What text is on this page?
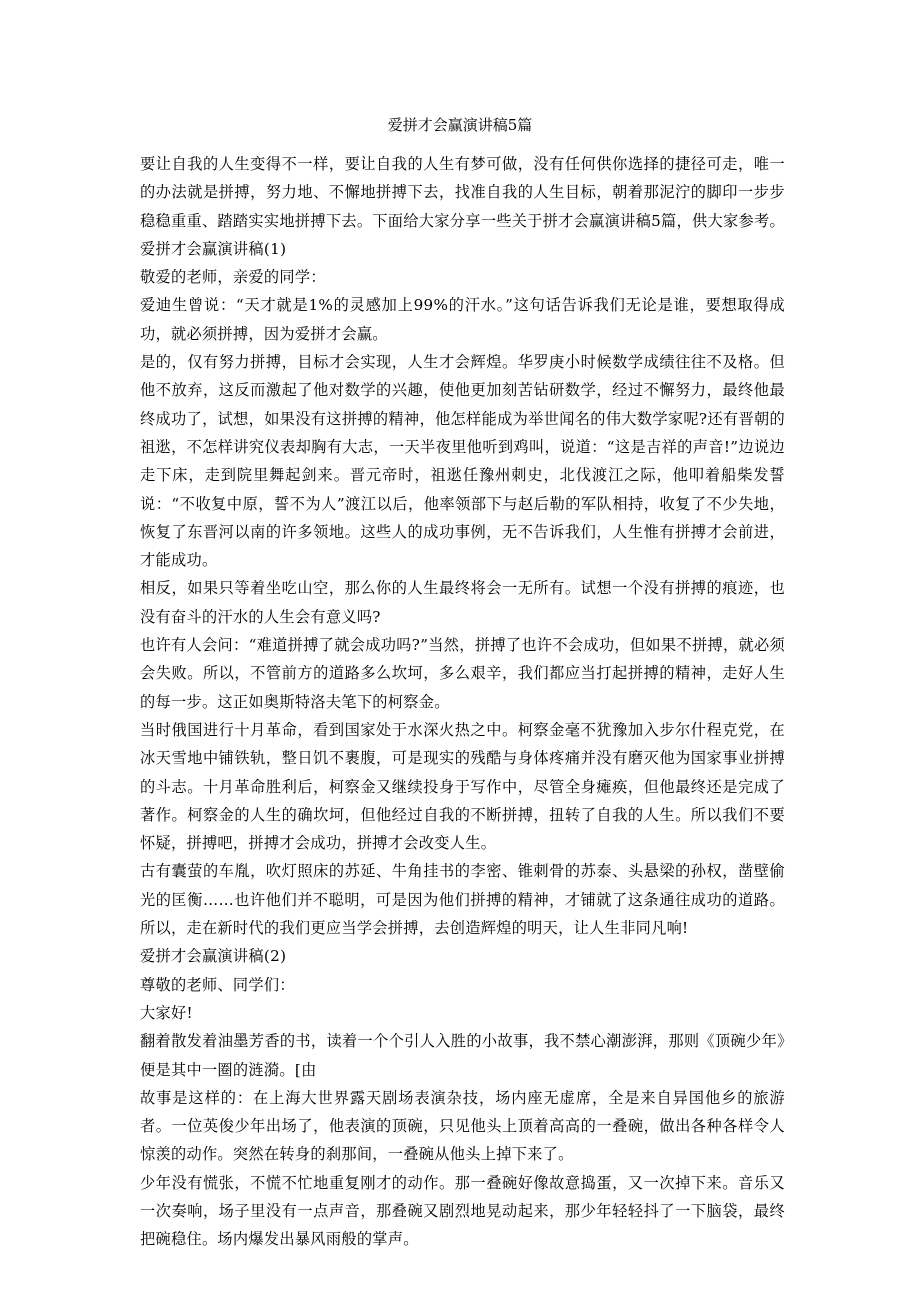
爱拼才会赢演讲稿5篇

要让自我的人生变得不一样，要让自我的人生有梦可做，没有任何供你选择的捷径可走，唯一的办法就是拼搏，努力地、不懈地拼搏下去，找准自我的人生目标，朝着那泥泞的脚印一步步稳稳重重、踏踏实实地拼搏下去。下面给大家分享一些关于拼才会赢演讲稿5篇，供大家参考。

爱拼才会赢演讲稿(1)

敬爱的老师，亲爱的同学：

爱迪生曾说：“天才就是1%的灵感加上99%的汗水。”这句话告诉我们无论是谁，要想取得成功，就必须拼搏，因为爱拼才会赢。

是的，仅有努力拼搏，目标才会实现，人生才会辉煌。华罗庚小时候数学成绩往往不及格。但他不放弃，这反而激起了他对数学的兴趣，使他更加刻苦钻研数学，经过不懈努力，最终他最终成功了，试想，如果没有这拼搏的精神，他怎样能成为举世闻名的伟大数学家呢?还有晋朝的祖逖，不怎样讲究仪表却胸有大志，一天半夜里他听到鸡叫，说道：“这是吉祥的声音!”边说边走下床，走到院里舞起剑来。晋元帝时，祖逖任豫州刺史，北伐渡江之际，他叩着船柴发誓说：“不收复中原，誓不为人”渡江以后，他率领部下与赵后勒的军队相持，收复了不少失地，恢复了东晋河以南的许多领地。这些人的成功事例，无不告诉我们，人生惟有拼搏才会前进，才能成功。

相反，如果只等着坐吃山空，那么你的人生最终将会一无所有。试想一个没有拼搏的痕迹，也没有奋斗的汗水的人生会有意义吗?

也许有人会问：“难道拼搏了就会成功吗?”当然，拼搏了也许不会成功，但如果不拼搏，就必须会失败。所以，不管前方的道路多么坎坷，多么艰辛，我们都应当打起拼搏的精神，走好人生的每一步。这正如奥斯特洛夫笔下的柯察金。

当时俄国进行十月革命，看到国家处于水深火热之中。柯察金毫不犹豫加入步尔什程克党，在冰天雪地中铺铁轨，整日饥不裹腹，可是现实的残酷与身体疼痛并没有磨灭他为国家事业拼搏的斗志。十月革命胜利后，柯察金又继续投身于写作中，尽管全身瘫痪，但他最终还是完成了著作。柯察金的人生的确坎坷，但他经过自我的不断拼搏，扭转了自我的人生。所以我们不要怀疑，拼搏吧，拼搏才会成功，拼搏才会改变人生。

古有囊萤的车胤，吹灯照床的苏延、牛角挂书的李密、锥刺骨的苏泰、头悬梁的孙权，凿壁偷光的匡衡……也许他们并不聪明，可是因为他们拼搏的精神，才铺就了这条通往成功的道路。所以，走在新时代的我们更应当学会拼搏，去创造辉煌的明天，让人生非同凡响!

爱拼才会赢演讲稿(2)

尊敬的老师、同学们：

大家好!

翻着散发着油墨芳香的书，读着一个个引人入胜的小故事，我不禁心潮澎湃，那则《顶碗少年》便是其中一圈的涟漪。[由

故事是这样的：在上海大世界露天剧场表演杂技，场内座无虚席，全是来自异国他乡的旅游者。一位英俊少年出场了，他表演的顶碗，只见他头上顶着高高的一叠碗，做出各种各样令人惊羡的动作。突然在转身的刹那间，一叠碗从他头上掉下来了。

少年没有慌张，不慌不忙地重复刚才的动作。那一叠碗好像故意捣蛋，又一次掉下来。音乐又一次奏响，场子里没有一点声音，那叠碗又剧烈地晃动起来，那少年轻轻抖了一下脑袋，最终把碗稳住。场内爆发出暴风雨般的掌声。
